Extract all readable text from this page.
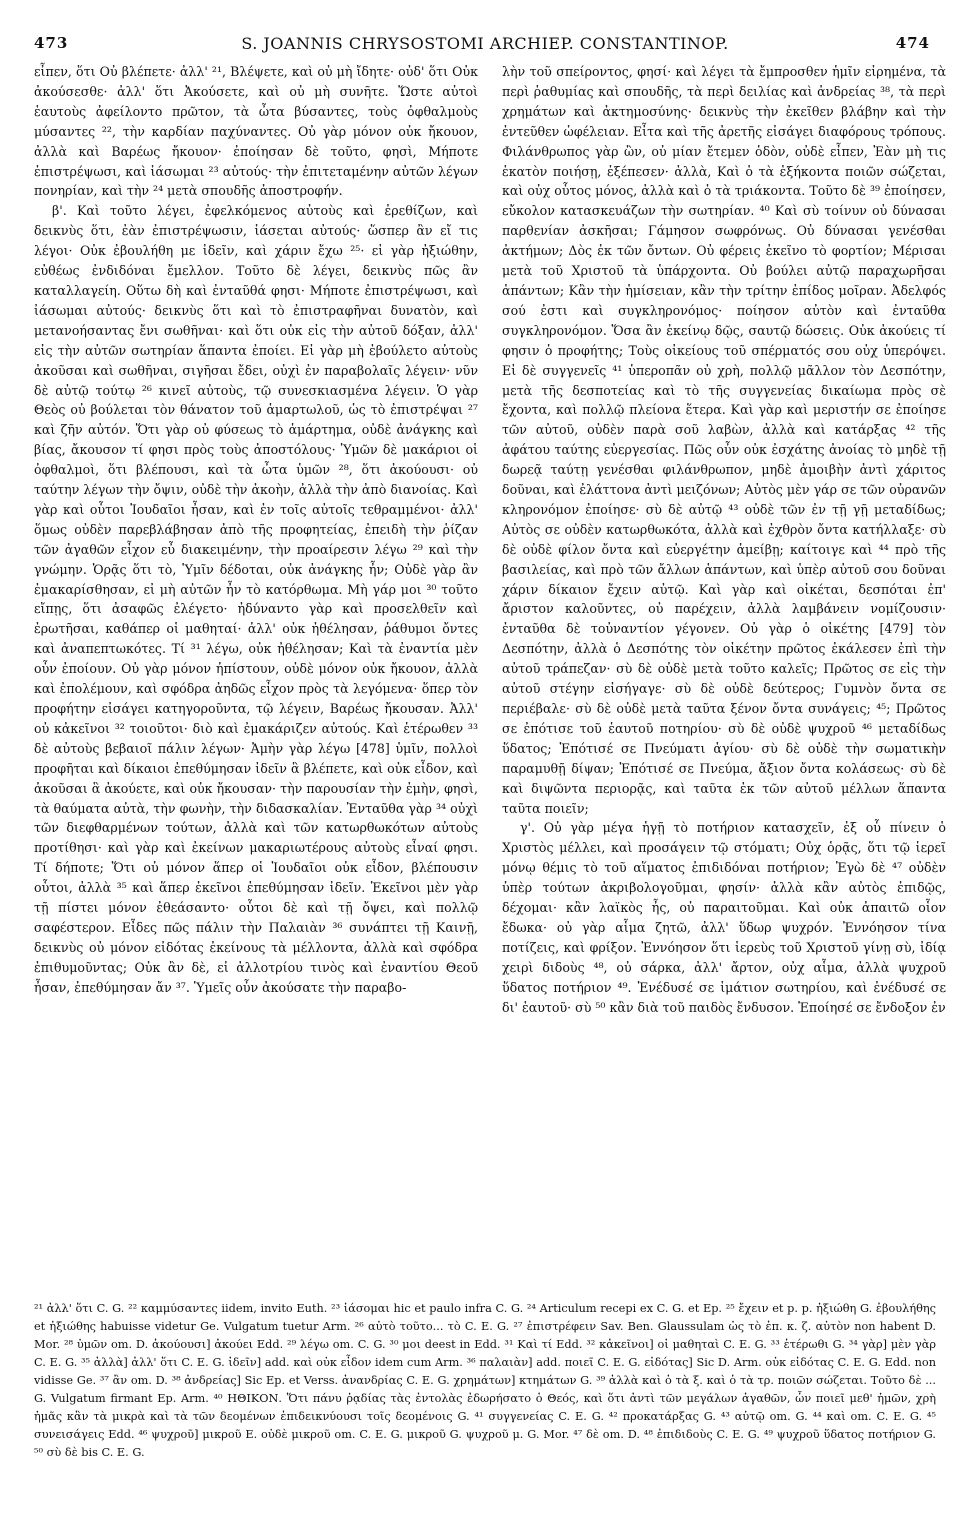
473	S. JOANNIS CHRYSOSTOMI ARCHIEP. CONSTANTINOP.	474

εἶπεν, ὅτι Οὐ βλέπετε· ἀλλ' ²¹, Βλέψετε, καὶ οὐ μὴ ἴδητε· οὐδ' ὅτι Οὐκ ἀκούσεσθε· ἀλλ' ὅτι Ἀκούσετε, καὶ οὐ μὴ συνῆτε. Ὥστε αὐτοὶ ἑαυτοὺς ἀφείλοντο πρῶτον, τὰ ὦτα βύσαντες, τοὺς ὀφθαλμοὺς μύσαντες ²², τὴν καρδίαν παχύναντες. Οὐ γὰρ μόνον οὐκ ἤκουον, ἀλλὰ καὶ Βαρέως ἤκουον· ἐποίησαν δὲ τοῦτο, φησὶ, Μήποτε ἐπιστρέψωσι, καὶ ἰάσωμαι ²³ αὐτούς· τὴν ἐπιτεταμένην αὐτῶν λέγων πονηρίαν, καὶ τὴν ²⁴ μετὰ σπουδῆς ἀποστροφήν.

β'. Καὶ τοῦτο λέγει, ἐφελκόμενος αὐτοὺς καὶ ἐρεθίζων, καὶ δεικνὺς ὅτι, ἐὰν ἐπιστρέψωσιν, ἰάσεται αὐτούς· ὥσπερ ἂν εἴ τις λέγοι· Οὐκ ἐβουλήθη με ἰδεῖν, καὶ χάριν ἔχω ²⁵· εἰ γὰρ ἠξιώθην, εὐθέως ἐνδιδόναι ἔμελλον. Τοῦτο δὲ λέγει, δεικνὺς πῶς ἂν καταλλαγείη. Οὕτω δὴ καὶ ἐνταῦθά φησι· Μήποτε ἐπιστρέψωσι, καὶ ἰάσωμαι αὐτούς· δεικνὺς ὅτι καὶ τὸ ἐπιστραφῆναι δυνατὸν, καὶ μετανοήσαντας ἔνι σωθῆναι· καὶ ὅτι οὐκ εἰς τὴν αὐτοῦ δόξαν, ἀλλ' εἰς τὴν αὐτῶν σωτηρίαν ἅπαντα ἐποίει. Εἰ γὰρ μὴ ἐβούλετο αὐτοὺς ἀκοῦσαι καὶ σωθῆναι, σιγῆσαι ἔδει, οὐχὶ ἐν παραβολαῖς λέγειν· νῦν δὲ αὐτῷ τούτῳ ²⁶ κινεῖ αὐτοὺς, τῷ συνεσκιασμένα λέγειν. Ὁ γὰρ Θεὸς οὐ βούλεται τὸν θάνατον τοῦ ἁμαρτωλοῦ, ὡς τὸ ἐπιστρέψαι ²⁷ καὶ ζῆν αὐτόν. Ὅτι γὰρ οὐ φύσεως τὸ ἁμάρτημα, οὐδὲ ἀνάγκης καὶ βίας, ἄκουσον τί φησι πρὸς τοὺς ἀποστόλους· Ὑμῶν δὲ μακάριοι οἱ ὀφθαλμοὶ, ὅτι βλέπουσι, καὶ τὰ ὦτα ὑμῶν ²⁸, ὅτι ἀκούουσι· οὐ ταύτην λέγων τὴν ὄψιν, οὐδὲ τὴν ἀκοὴν, ἀλλὰ τὴν ἀπὸ διανοίας. Καὶ γὰρ καὶ οὗτοι Ἰουδαῖοι ἦσαν, καὶ ἐν τοῖς αὐτοῖς τεθραμμένοι· ἀλλ' ὅμως οὐδὲν παρεβλάβησαν ἀπὸ τῆς προφητείας, ἐπειδὴ τὴν ῥίζαν τῶν ἀγαθῶν εἶχον εὖ διακειμένην, τὴν προαίρεσιν λέγω ²⁹ καὶ τὴν γνώμην. Ὁρᾷς ὅτι τὸ, Ὑμῖν δέδοται, οὐκ ἀνάγκης ἦν; Οὐδὲ γὰρ ἂν ἐμακαρίσθησαν, εἰ μὴ αὐτῶν ἦν τὸ κατόρθωμα. Μὴ γάρ μοι ³⁰ τοῦτο εἴπῃς, ὅτι ἀσαφῶς ἐλέγετο· ἠδύναντο γὰρ καὶ προσελθεῖν καὶ ἐρωτῆσαι, καθάπερ οἱ μαθηταί· ἀλλ' οὐκ ἠθέλησαν, ῥάθυμοι ὄντες καὶ ἀναπεπτωκότες. Τί ³¹ λέγω, οὐκ ἠθέλησαν; Καὶ τὰ ἐναντία μὲν οὖν ἐποίουν. Οὐ γὰρ μόνον ἠπίστουν, οὐδὲ μόνον οὐκ ἤκουον, ἀλλὰ καὶ ἐπολέμουν, καὶ σφόδρα ἀηδῶς εἶχον πρὸς τὰ λεγόμενα· ὅπερ τὸν προφήτην εἰσάγει κατηγοροῦντα, τῷ λέγειν, Βαρέως ἤκουσαν. Ἀλλ' οὐ κἀκεῖνοι ³² τοιοῦτοι· διὸ καὶ ἐμακάριζεν αὐτούς. Καὶ ἑτέρωθεν ³³ δὲ αὐτοὺς βεβαιοῖ πάλιν λέγων· Ἀμὴν γὰρ λέγω [478] ὑμῖν, πολλοὶ προφῆται καὶ δίκαιοι ἐπεθύμησαν ἰδεῖν ἃ βλέπετε, καὶ οὐκ εἶδον, καὶ ἀκοῦσαι ἃ ἀκούετε, καὶ οὐκ ἤκουσαν· τὴν παρουσίαν τὴν ἐμὴν, φησὶ, τὰ θαύματα αὐτὰ, τὴν φωνὴν, τὴν διδασκαλίαν. Ἐνταῦθα γὰρ ³⁴ οὐχὶ τῶν διεφθαρμένων τούτων, ἀλλὰ καὶ τῶν κατωρθωκότων αὐτοὺς προτίθησι· καὶ γὰρ καὶ ἐκείνων μακαριωτέρους αὐτοὺς εἶναί φησι. Τί δήποτε; Ὅτι οὐ μόνον ἅπερ οἱ Ἰουδαῖοι οὐκ εἶδον, βλέπουσιν οὗτοι, ἀλλὰ ³⁵ καὶ ἅπερ ἐκεῖνοι ἐπεθύμησαν ἰδεῖν. Ἐκεῖνοι μὲν γὰρ τῇ πίστει μόνον ἐθεάσαντο· οὗτοι δὲ καὶ τῇ ὄψει, καὶ πολλῷ σαφέστερον. Εἶδες πῶς πάλιν τὴν Παλαιὰν ³⁶ συνάπτει τῇ Καινῇ, δεικνὺς οὐ μόνον εἰδότας ἐκείνους τὰ μέλλοντα, ἀλλὰ καὶ σφόδρα ἐπιθυμοῦντας; Οὐκ ἂν δὲ, εἰ ἀλλοτρίου τινὸς καὶ ἐναντίου Θεοῦ ἦσαν, ἐπεθύμησαν ἄν ³⁷. Ὑμεῖς οὖν ἀκούσατε τὴν παραβο-

λὴν τοῦ σπείροντος, φησί· καὶ λέγει τὰ ἔμπροσθεν ἡμῖν εἰρημένα, τὰ περὶ ῥαθυμίας καὶ σπουδῆς, τὰ περὶ δειλίας καὶ ἀνδρείας ³⁸, τὰ περὶ χρημάτων καὶ ἀκτημοσύνης· δεικνὺς τὴν ἐκεῖθεν βλάβην καὶ τὴν ἐντεῦθεν ὠφέλειαν. Εἶτα καὶ τῆς ἀρετῆς εἰσάγει διαφόρους τρόπους. Φιλάνθρωπος γὰρ ὢν, οὐ μίαν ἔτεμεν ὁδὸν, οὐδὲ εἶπεν, Ἐὰν μὴ τις ἑκατὸν ποιήσῃ, ἐξέπεσεν· ἀλλὰ, Καὶ ὁ τὰ ἑξήκοντα ποιῶν σώζεται, καὶ οὐχ οὗτος μόνος, ἀλλὰ καὶ ὁ τὰ τριάκοντα. Τοῦτο δὲ ³⁹ ἐποίησεν, εὔκολον κατασκευάζων τὴν σωτηρίαν. ⁴⁰ Καὶ σὺ τοίνυν οὐ δύνασαι παρθενίαν ἀσκῆσαι; Γάμησον σωφρόνως. Οὐ δύνασαι γενέσθαι ἀκτήμων; Δὸς ἐκ τῶν ὄντων. Οὐ φέρεις ἐκεῖνο τὸ φορτίον; Μέρισαι μετὰ τοῦ Χριστοῦ τὰ ὑπάρχοντα. Οὐ βούλει αὐτῷ παραχωρῆσαι ἁπάντων; Κἂν τὴν ἡμίσειαν, κἂν τὴν τρίτην ἐπίδος μοῖραν. Ἀδελφός σού ἐστι καὶ συγκληρονόμος· ποίησον αὐτὸν καὶ ἐνταῦθα συγκληρονόμον. Ὅσα ἂν ἐκείνῳ δῷς, σαυτῷ δώσεις. Οὐκ ἀκούεις τί φησιν ὁ προφήτης; Τοὺς οἰκείους τοῦ σπέρματός σου οὐχ ὑπερόψει. Εἰ δὲ συγγενεῖς ⁴¹ ὑπεροπᾶν οὐ χρὴ, πολλῷ μᾶλλον τὸν Δεσπότην, μετὰ τῆς δεσποτείας καὶ τὸ τῆς συγγενείας δικαίωμα πρὸς σὲ ἔχοντα, καὶ πολλῷ πλείονα ἕτερα. Καὶ γὰρ καὶ μεριστήν σε ἐποίησε τῶν αὐτοῦ, οὐδὲν παρὰ σοῦ λαβὼν, ἀλλὰ καὶ κατάρξας ⁴² τῆς ἀφάτου ταύτης εὐεργεσίας. Πῶς οὖν οὐκ ἐσχάτης ἀνοίας τὸ μηδὲ τῇ δωρεᾷ ταύτῃ γενέσθαι φιλάνθρωπον, μηδὲ ἀμοιβὴν ἀντὶ χάριτος δοῦναι, καὶ ἐλάττονα ἀντὶ μειζόνων; Αὐτὸς μὲν γάρ σε τῶν οὐρανῶν κληρονόμον ἐποίησε· σὺ δὲ αὐτῷ ⁴³ οὐδὲ τῶν ἐν τῇ γῇ μεταδίδως; Αὐτὸς σε οὐδὲν κατωρθωκότα, ἀλλὰ καὶ ἐχθρὸν ὄντα κατήλλαξε· σὺ δὲ οὐδὲ φίλον ὄντα καὶ εὐεργέτην ἀμείβῃ; καίτοιγε καὶ ⁴⁴ πρὸ τῆς βασιλείας, καὶ πρὸ τῶν ἄλλων ἁπάντων, καὶ ὑπὲρ αὐτοῦ σου δοῦναι χάριν δίκαιον ἔχειν αὐτῷ. Καὶ γὰρ καὶ οἰκέται, δεσπόται ἐπ' ἄριστον καλοῦντες, οὐ παρέχειν, ἀλλὰ λαμβάνειν νομίζουσιν· ἐνταῦθα δὲ τοὐναντίον γέγονεν. Οὐ γὰρ ὁ οἰκέτης [479] τὸν Δεσπότην, ἀλλὰ ὁ Δεσπότης τὸν οἰκέτην πρῶτος ἐκάλεσεν ἐπὶ τὴν αὐτοῦ τράπεζαν· σὺ δὲ οὐδὲ μετὰ τοῦτο καλεῖς; Πρῶτος σε εἰς τὴν αὐτοῦ στέγην εἰσήγαγε· σὺ δὲ οὐδὲ δεύτερος; Γυμνὸν ὄντα σε περιέβαλε· σὺ δὲ οὐδὲ μετὰ ταῦτα ξένον ὄντα συνάγεις; ⁴⁵; Πρῶτος σε ἐπότισε τοῦ ἑαυτοῦ ποτηρίου· σὺ δὲ οὐδὲ ψυχροῦ ⁴⁶ μεταδίδως ὕδατος; Ἐπότισέ σε Πνεύματι ἁγίου· σὺ δὲ οὐδὲ τὴν σωματικὴν παραμυθῇ δίψαν; Ἐπότισέ σε Πνεύμα, ἄξιον ὄντα κολάσεως· σὺ δὲ καὶ διψῶντα περιορᾷς, καὶ ταῦτα ἐκ τῶν αὐτοῦ μέλλων ἅπαντα ταῦτα ποιεῖν;

γ'. Οὐ γὰρ μέγα ἡγῇ τὸ ποτήριον κατασχεῖν, ἐξ οὗ πίνειν ὁ Χριστὸς μέλλει, καὶ προσάγειν τῷ στόματι; Οὐχ ὁρᾷς, ὅτι τῷ ἱερεῖ μόνῳ θέμις τὸ τοῦ αἵματος ἐπιδιδόναι ποτήριον; Ἐγὼ δὲ ⁴⁷ οὐδὲν ὑπὲρ τούτων ἀκριβολογοῦμαι, φησίν· ἀλλὰ κἂν αὐτὸς ἐπιδῷς, δέχομαι· κἂν λαϊκὸς ἦς, οὐ παραιτοῦμαι. Καὶ οὐκ ἀπαιτῶ οἷον ἔδωκα· οὐ γὰρ αἷμα ζητῶ, ἀλλ' ὕδωρ ψυχρόν. Ἐννόησον τίνα ποτίζεις, καὶ φρίξον. Ἐννόησον ὅτι ἱερεὺς τοῦ Χριστοῦ γίνῃ σὺ, ἰδίᾳ χειρὶ διδοὺς ⁴⁸, οὐ σάρκα, ἀλλ' ἄρτον, οὐχ αἷμα, ἀλλὰ ψυχροῦ ὕδατος ποτήριον ⁴⁹. Ἐνέδυσέ σε ἱμάτιον σωτηρίου, καὶ ἐνέδυσέ σε δι' ἑαυτοῦ· σὺ ⁵⁰ κἂν διὰ τοῦ παιδὸς ἔνδυσον. Ἐποίησέ σε ἔνδοξον ἐν

²¹ ἀλλ' ὅτι C. G. ²² καμμύσαντες iidem, invito Euth. ²³ ἰάσομαι hic et paulo infra C. G. ²⁴ Articulum recepi ex C. G. et Ep. ²⁵ ἔχειν et p. p. ἠξιώθη G. ἐβουλήθης et ἠξιώθης habuisse videtur Ge. Vulgatum tuetur Arm. ²⁶ αὐτὸ τοῦτο... τὸ C. E. G. ²⁷ ἐπιστρέφειν Sav. Ben. Glaussulam ὡς τὸ ἐπ. κ. ζ. αὐτὸν non habent D. Mor. ²⁸ ὑμῶν om. D. ἀκούουσι] ἀκούει Edd. ²⁹ λέγω om. C. G. ³⁰ μοι deest in Edd. ³¹ Καὶ τί Edd. ³² κἀκεῖνοι] οἱ μαθηταὶ C. E. G. ³³ ἑτέρωθι G. ³⁴ γὰρ] μὲν γὰρ C. E. G. ³⁵ ἀλλὰ] ἀλλ' ὅτι C. E. G. ἰδεῖν] add. καὶ οὐκ εἶδον idem cum Arm. ³⁶ παλαιὰν] add. ποιεῖ C. E. G. εἰδότας] Sic D. Arm. οὐκ εἰδότας C. E. G. Edd. non vidisse Ge. ³⁷ ἂν om. D. ³⁸ ἀνδρείας] Sic Ep. et Verss. ἀνανδρίας C. E. G. χρημάτων] κτημάτων G. ³⁹ ἀλλὰ καὶ ὁ τὰ ξ. καὶ ὁ τὰ τρ. ποιῶν σώζεται. Τοῦτο δὲ ... G. Vulgatum firmant Ep. Arm. ⁴⁰ ΗΘΙΚΟΝ. Ὅτι πάνυ ῥᾳδίας τὰς ἐντολὰς ἐδωρήσατο ὁ Θεός, καὶ ὅτι ἀντὶ τῶν μεγάλων ἀγαθῶν, ὧν ποιεῖ μεθ' ἡμῶν, χρὴ ἡμᾶς κἂν τὰ μικρὰ καὶ τὰ τῶν δεομένων ἐπιδεικνύουσι τοῖς δεομένοις G. ⁴¹ συγγενείας C. E. G. ⁴² προκατάρξας G. ⁴³ αὐτῷ om. G. ⁴⁴ καὶ om. C. E. G. ⁴⁵ συνεισάγεις Edd. ⁴⁶ ψυχροῦ] μικροῦ E. οὐδὲ μικροῦ om. C. E. G. μικροῦ G. ψυχροῦ μ. G. Mor. ⁴⁷ δὲ om. D. ⁴⁸ ἐπιδιδοὺς C. E. G. ⁴⁹ ψυχροῦ ὕδατος ποτήριον G. ⁵⁰ σὺ δὲ bis C. E. G.
